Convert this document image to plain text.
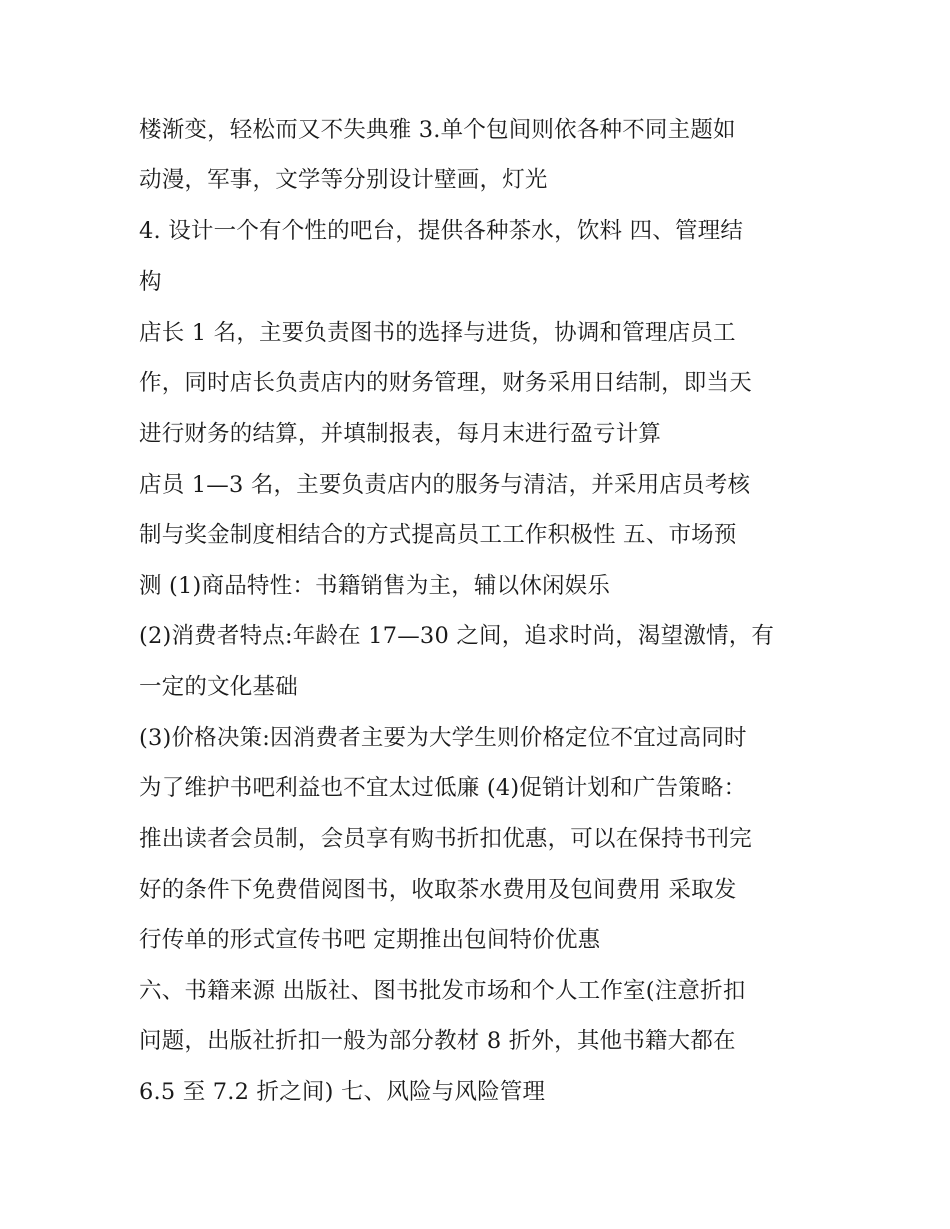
楼渐变，轻松而又不失典雅 3.单个包间则依各种不同主题如
动漫，军事，文学等分别设计壁画，灯光
4. 设计一个有个性的吧台，提供各种茶水，饮料 四、管理结
构
店长 1 名，主要负责图书的选择与进货，协调和管理店员工
作，同时店长负责店内的财务管理，财务采用日结制，即当天
进行财务的结算，并填制报表，每月末进行盈亏计算
店员 1—3 名，主要负责店内的服务与清洁，并采用店员考核
制与奖金制度相结合的方式提高员工工作积极性 五、市场预
测 (1)商品特性：书籍销售为主，辅以休闲娱乐
(2)消费者特点:年龄在 17—30 之间，追求时尚，渴望激情，有
一定的文化基础
(3)价格决策:因消费者主要为大学生则价格定位不宜过高同时
为了维护书吧利益也不宜太过低廉 (4)促销计划和广告策略：
推出读者会员制，会员享有购书折扣优惠，可以在保持书刊完
好的条件下免费借阅图书，收取茶水费用及包间费用 采取发
行传单的形式宣传书吧 定期推出包间特价优惠
六、书籍来源 出版社、图书批发市场和个人工作室(注意折扣
问题，出版社折扣一般为部分教材 8 折外，其他书籍大都在
6.5 至 7.2 折之间) 七、风险与风险管理
